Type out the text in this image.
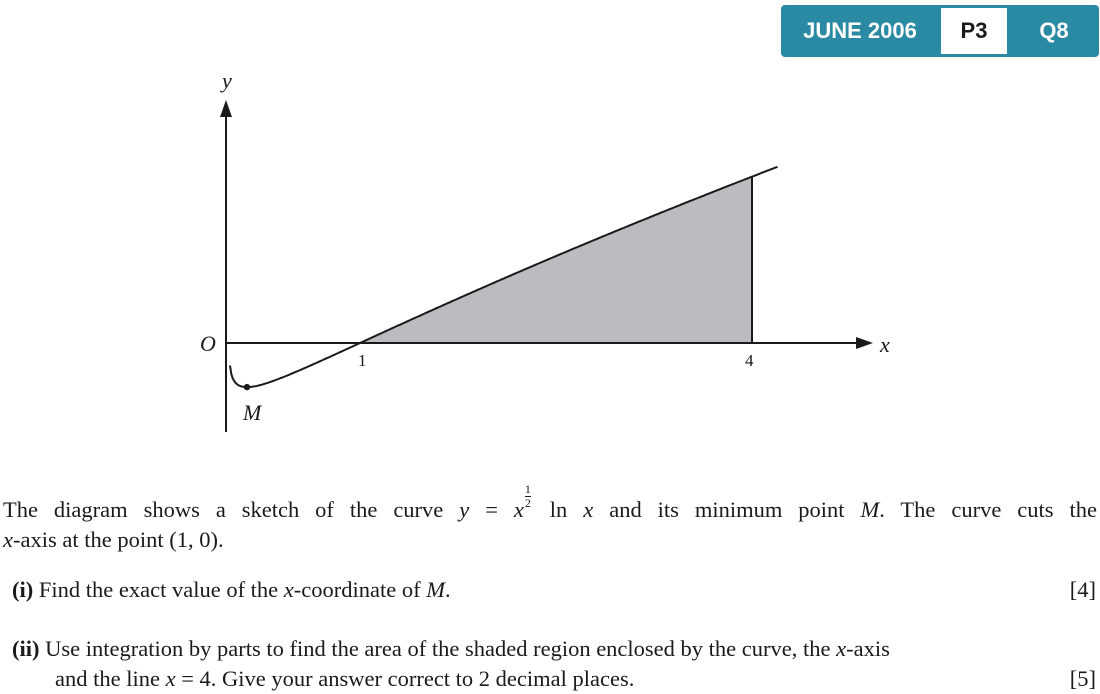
JUNE 2006	P3	Q8
y
x
O
M
1	4
The diagram shows a sketch of the curve y = x
$\frac{1}{2}$
ln x and its minimum point M. The curve cuts the
x-axis at the point (1, 0).
(i) Find the exact value of the x-coordinate of M.	[4]
(ii) Use integration by parts to find the area of the shaded region enclosed by the curve, the x-axis
and the line x = 4. Give your answer correct to 2 decimal places.	[5]
